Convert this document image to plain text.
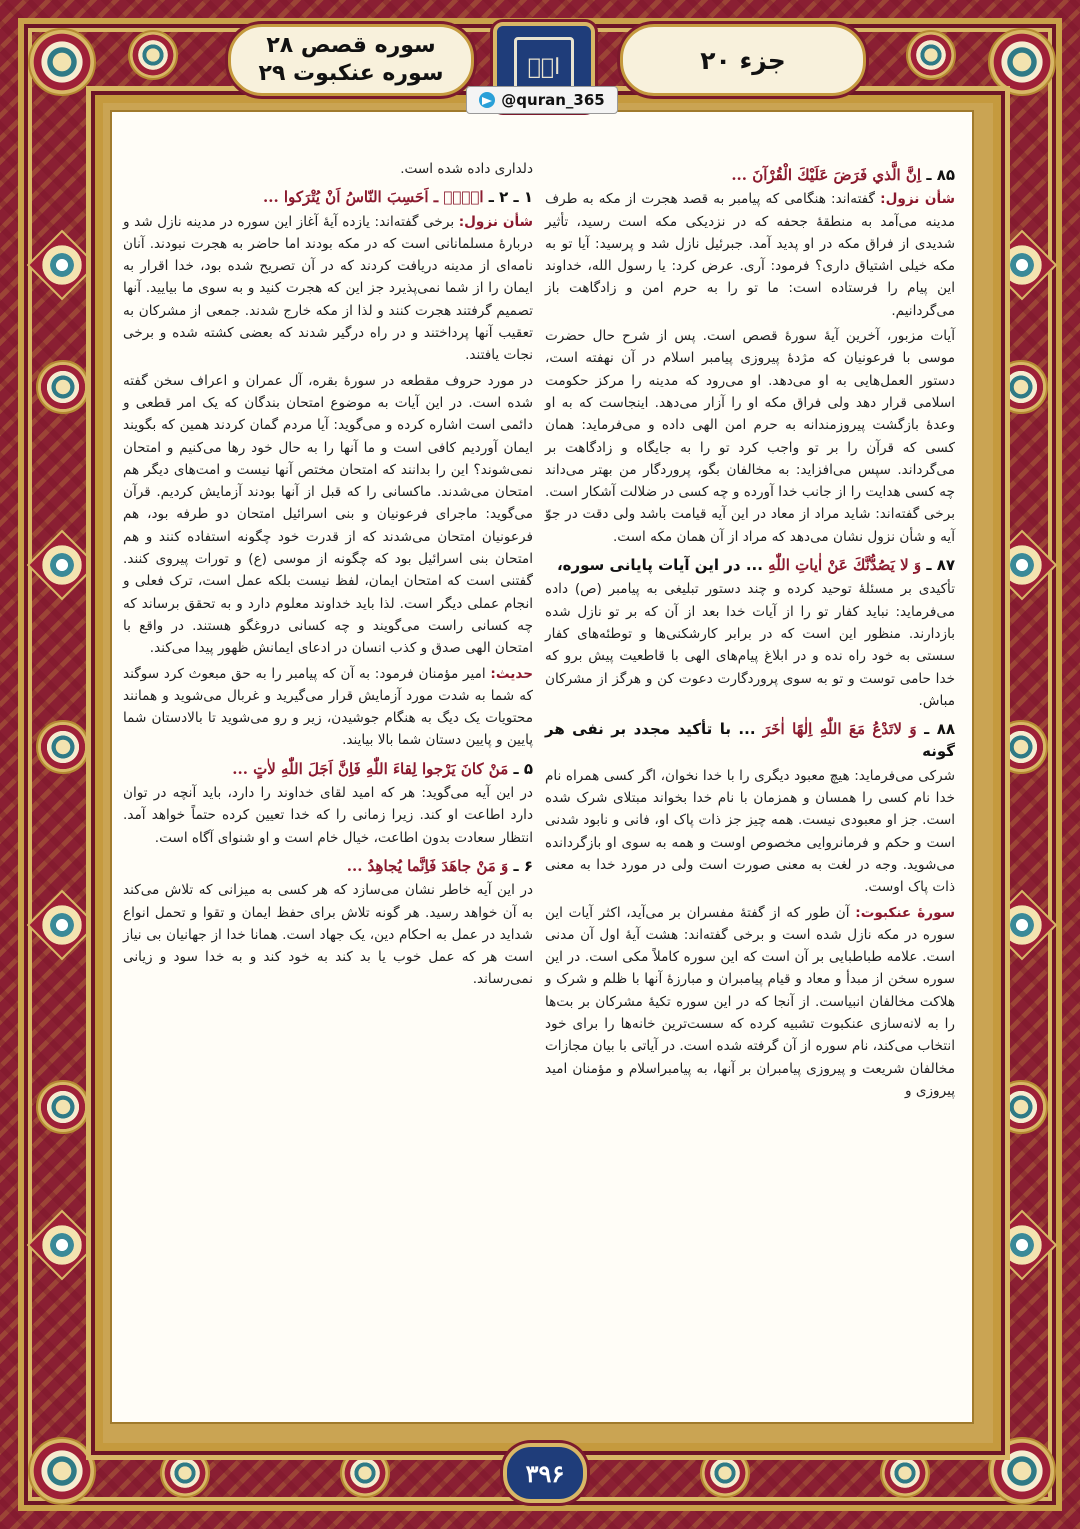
جزء ۲۰
سوره قصص ۲۸
سوره عنکبوت ۲۹	الۤ
@quran_365

۸۵ ـ اِنَّ الَّذي فَرَضَ عَلَيْكَ الْقُرْآنَ ...

شأن نزول: گفته‌اند: هنگامی که پیامبر به قصد هجرت از مکه به طرف مدینه می‌آمد به منطقهٔ جحفه که در نزدیکی مکه است رسید، تأثیر شدیدی از فراق مکه در او پدید آمد. جبرئیل نازل شد و پرسید: آیا تو به مکه خیلی اشتیاق داری؟ فرمود: آری. عرض کرد: یا رسول الله، خداوند این پیام را فرستاده است: ما تو را به حرم امن و زادگاهت باز می‌گردانیم.

آیات مزبور، آخرین آیهٔ سورهٔ قصص است. پس از شرح حال حضرت موسی با فرعونیان که مژدهٔ پیروزی پیامبر اسلام در آن نهفته است، دستور العمل‌هایی به او می‌دهد. او می‌رود که مدینه را مرکز حکومت اسلامی قرار دهد ولی فراق مکه او را آزار می‌دهد. اینجاست که به او وعدهٔ بازگشت پیروزمندانه به حرم امن الهی داده و می‌فرماید: همان کسی که قرآن را بر تو واجب کرد تو را به جایگاه و زادگاهت بر می‌گرداند. سپس می‌افزاید: به مخالفان بگو، پروردگار من بهتر می‌داند چه کسی هدایت را از جانب خدا آورده و چه کسی در ضلالت آشکار است. برخی گفته‌اند: شاید مراد از معاد در این آیه قیامت باشد ولی دقت در جوّ آیه و شأن نزول نشان می‌دهد که مراد از آن همان مکه است.

۸۷ ـ وَ لا يَصُدُّنَّكَ عَنْ اٰياتِ اللّٰهِ ... در این آیات پایانی سوره،

تأکیدی بر مسئلهٔ توحید کرده و چند دستور تبلیغی به پیامبر (ص) داده می‌فرماید: نباید کفار تو را از آیات خدا بعد از آن که بر تو نازل شده بازدارند. منظور این است که در برابر کارشکنی‌ها و توطئه‌های کفار سستی به خود راه نده و در ابلاغ پیام‌های الهی با قاطعیت پیش برو که خدا حامی توست و تو به سوی پروردگارت دعوت کن و هرگز از مشرکان مباش.

۸۸ ـ وَ لاتَدْعُ مَعَ اللّٰهِ اِلٰهًا اٰخَرَ ... با تأکید مجدد بر نفی هر گونه

شرکی می‌فرماید: هیچ معبود دیگری را با خدا نخوان، اگر کسی همراه نام خدا نام کسی را همسان و همزمان با نام خدا بخواند مبتلای شرک شده است. جز او معبودی نیست. همه چیز جز ذات پاک او، فانی و نابود شدنی است و حکم و فرمانروایی مخصوص اوست و همه به سوی او بازگردانده می‌شوید. وجه در لغت به معنی صورت است ولی در مورد خدا به معنی ذات پاک اوست.

سورهٔ عنکبوت: آن طور که از گفتهٔ مفسران بر می‌آید، اکثر آیات این سوره در مکه نازل شده است و برخی گفته‌اند: هشت آیهٔ اول آن مدنی است. علامه طباطبایی بر آن است که این سوره کاملاً مکی است. در این سوره سخن از مبدأ و معاد و قیام پیامبران و مبارزهٔ آنها با ظلم و شرک و هلاکت مخالفان انبیاست. از آنجا که در این سوره تکیهٔ مشرکان بر بت‌ها را به لانه‌سازی عنکبوت تشبیه کرده که سست‌ترین خانه‌ها را برای خود انتخاب می‌کند، نام سوره از آن گرفته شده است. در آیاتی با بیان مجازات مخالفان شریعت و پیروزی پیامبران بر آنها، به پیامبراسلام و مؤمنان امید پیروزی و

دلداری داده شده است.

۱ ـ ۲ ـ الۤمۤ ـ اَحَسِبَ النّاسُ اَنْ يُتْرَكوا ...

شأن نزول: برخی گفته‌اند: یازده آیهٔ آغاز این سوره در مدینه نازل شد و دربارهٔ مسلمانانی است که در مکه بودند اما حاضر به هجرت نبودند. آنان نامه‌ای از مدینه دریافت کردند که در آن تصریح شده بود، خدا اقرار به ایمان را از شما نمی‌پذیرد جز این که هجرت کنید و به سوی ما بیایید. آنها تصمیم گرفتند هجرت کنند و لذا از مکه خارج شدند. جمعی از مشرکان به تعقیب آنها پرداختند و در راه درگیر شدند که بعضی کشته شده و برخی نجات یافتند.

در مورد حروف مقطعه در سورهٔ بقره، آل عمران و اعراف سخن گفته شده است. در این آیات به موضوع امتحان بندگان که یک امر قطعی و دائمی است اشاره کرده و می‌گوید: آیا مردم گمان کردند همین که بگویند ایمان آوردیم کافی است و ما آنها را به حال خود رها می‌کنیم و امتحان نمی‌شوند؟ این را بدانند که امتحان مختص آنها نیست و امت‌های دیگر هم امتحان می‌شدند. ماکسانی را که قبل از آنها بودند آزمایش کردیم. قرآن می‌گوید: ماجرای فرعونیان و بنی اسرائیل امتحان دو طرفه بود، هم فرعونیان امتحان می‌شدند که از قدرت خود چگونه استفاده کنند و هم امتحان بنی اسرائیل بود که چگونه از موسی (ع) و تورات پیروی کنند. گفتنی است که امتحان ایمان، لفظ نیست بلکه عمل است، ترک فعلی و انجام عملی دیگر است. لذا باید خداوند معلوم دارد و به تحقق برساند که چه کسانی راست می‌گویند و چه کسانی دروغگو هستند. در واقع با امتحان الهی صدق و کذب انسان در ادعای ایمانش ظهور پیدا می‌کند.

حدیث: امیر مؤمنان فرمود: به آن که پیامبر را به حق مبعوث کرد سوگند که شما به شدت مورد آزمایش قرار می‌گیرید و غربال می‌شوید و همانند محتویات یک دیگ به هنگام جوشیدن، زیر و رو می‌شوید تا بالادستان شما پایین و پایین دستان شما بالا بیایند.

۵ ـ مَنْ كانَ يَرْجوا لِقاءَ اللّٰهِ فَاِنَّ اَجَلَ اللّٰهِ لاٰتٍ ...

در این آیه می‌گوید: هر که امید لقای خداوند را دارد، باید آنچه در توان دارد اطاعت او کند. زیرا زمانی را که خدا تعیین کرده حتماً خواهد آمد. انتظار سعادت بدون اطاعت، خیال خام است و او شنوای آگاه است.

۶ ـ وَ مَنْ جاهَدَ فَاِنَّما يُجاهِدُ ...

در این آیه خاطر نشان می‌سازد که هر کسی به میزانی که تلاش می‌کند به آن خواهد رسید. هر گونه تلاش برای حفظ ایمان و تقوا و تحمل انواع شداید در عمل به احکام دین، یک جهاد است. همانا خدا از جهانیان بی نیاز است هر که عمل خوب یا بد کند به خود کند و به خدا سود و زیانی نمی‌رساند.

۳۹۶
